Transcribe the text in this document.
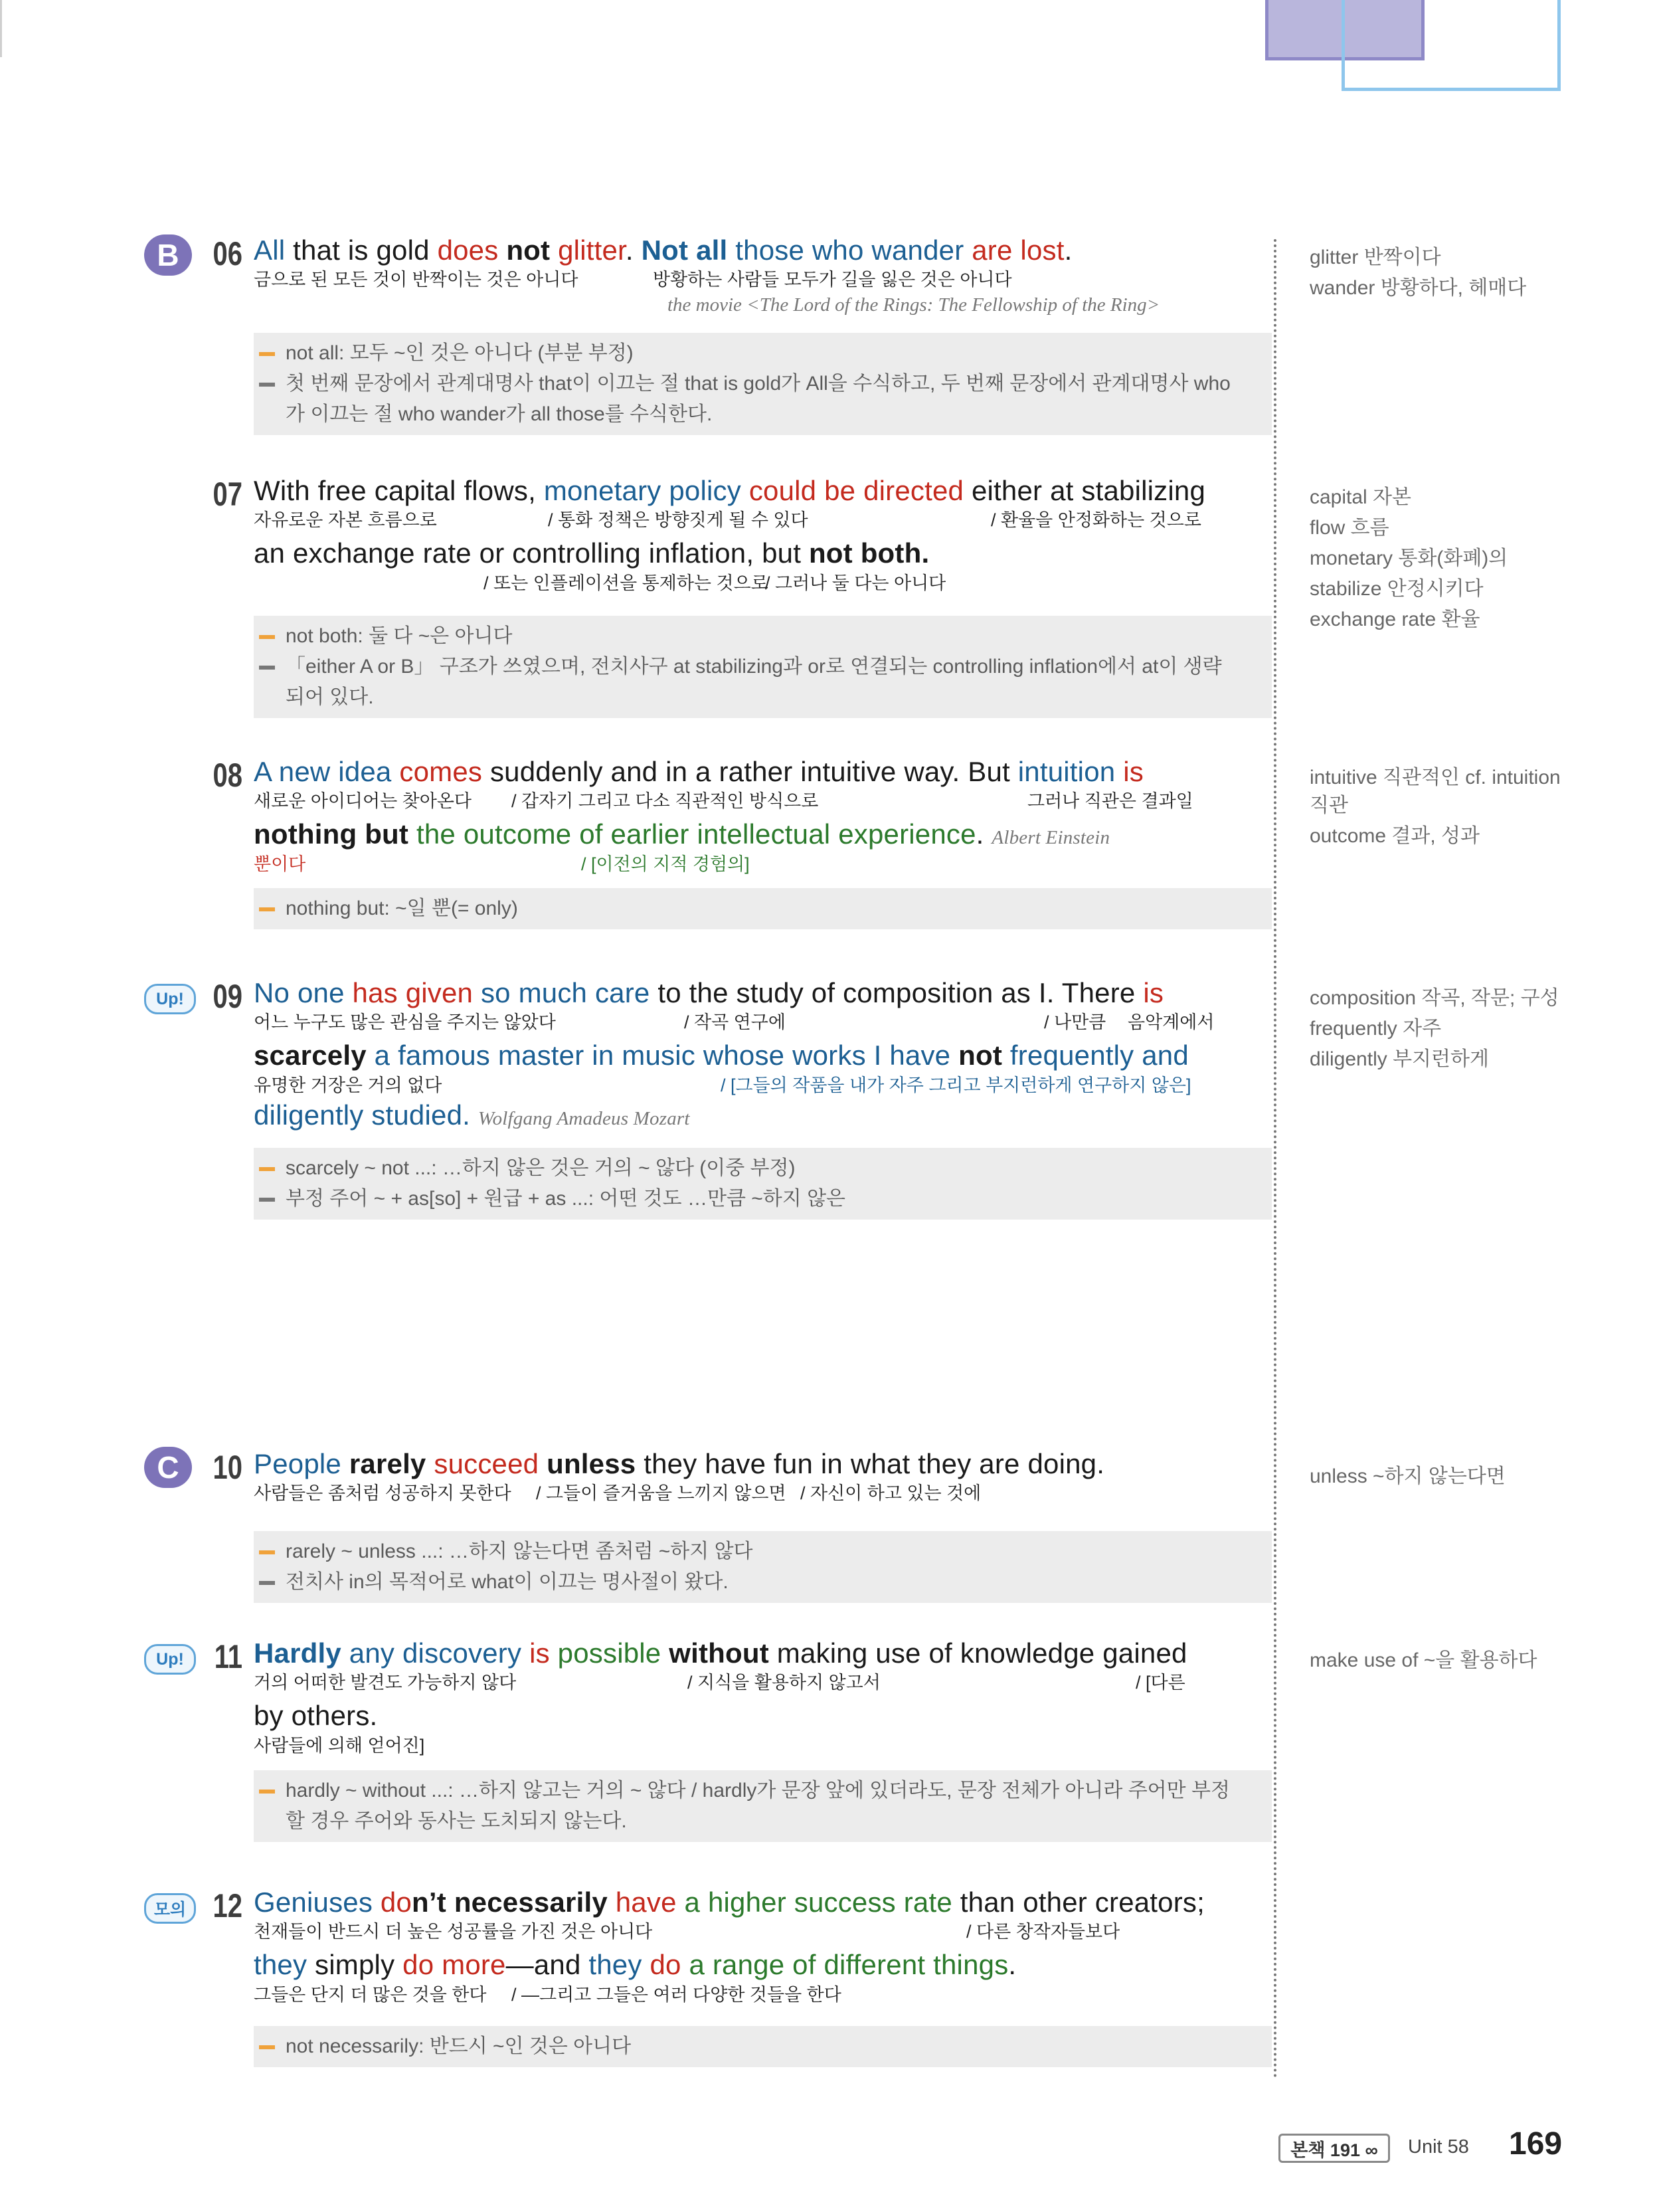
B	06 All that is gold does not glitter. Not all those who wander are lost.
금으로 된 모든 것이 반짝이는 것은 아니다	방황하는 사람들 모두가 길을 잃은 것은 아니다
the movie <The Lord of the Rings: The Fellowship of the Ring>
not all: 모두 ~인 것은 아니다 (부분 부정)
첫 번째 문장에서 관계대명사 that이 이끄는 절 that is gold가 All을 수식하고, 두 번째 문장에서 관계대명사 who
가 이끄는 절 who wander가 all those를 수식한다.
07 With free capital flows, monetary policy could be directed either at stabilizing
자유로운 자본 흐름으로	/ 통화 정책은 방향짓게 될 수 있다	/ 환율을 안정화하는 것으로
an exchange rate or controlling inflation, but not both.
/ 또는 인플레이션을 통제하는 것으로
/ 그러나 둘 다는 아니다
not both: 둘 다 ~은 아니다
「either A or B」 구조가 쓰였으며, 전치사구 at stabilizing과 or로 연결되는 controlling inflation에서 at이 생략
되어 있다.
08 A new idea comes suddenly and in a rather intuitive way. But intuition is
새로운 아이디어는 찾아온다 / 갑자기 그리고 다소 직관적인 방식으로	그러나 직관은 결과일
nothing but the outcome of earlier intellectual experience. Albert Einstein
뿐이다	/ [이전의 지적 경험의]
nothing but: ~일 뿐(= only)
Up! 09 No one has given so much care to the study of composition as I. There is
어느 누구도 많은 관심을 주지는 않았다	/ 작곡 연구에	/ 나만큼 음악계에서
scarcely a famous master in music whose works I have not frequently and
유명한 거장은 거의 없다	/ [그들의 작품을 내가 자주 그리고 부지런하게 연구하지 않은]
diligently studied. Wolfgang Amadeus Mozart
scarcely ~ not ...: …하지 않은 것은 거의 ~ 않다 (이중 부정)
부정 주어 ~ + as[so] + 원급 + as ...: 어떤 것도 …만큼 ~하지 않은
C	10 People rarely succeed unless they have fun in what they are doing.
사람들은 좀처럼 성공하지 못한다 / 그들이 즐거움을 느끼지 않으면 / 자신이 하고 있는 것에
rarely ~ unless ...: …하지 않는다면 좀처럼 ~하지 않다
전치사 in의 목적어로 what이 이끄는 명사절이 왔다.
Up! 11 Hardly any discovery is possible without making use of knowledge gained
거의 어떠한 발견도 가능하지 않다	/ 지식을 활용하지 않고서	/ [다른
by others.
사람들에 의해 얻어진]
hardly ~ without ...: …하지 않고는 거의 ~ 않다 / hardly가 문장 앞에 있더라도, 문장 전체가 아니라 주어만 부정
할 경우 주어와 동사는 도치되지 않는다.
모의 12 Geniuses don’t necessarily have a higher success rate than other creators;
천재들이 반드시 더 높은 성공률을 가진 것은 아니다	/ 다른 창작자들보다
they simply do more—and they do a range of different things.
그들은 단지 더 많은 것을 한다 / —그리고 그들은 여러 다양한 것들을 한다
not necessarily: 반드시 ~인 것은 아니다
glitter 반짝이다
wander 방황하다, 헤매다
capital 자본
flow 흐름
monetary 통화(화폐)의
stabilize 안정시키다
exchange rate 환율
intuitive 직관적인 cf. intuition
직관
outcome 결과, 성과
composition 작곡, 작문; 구성
frequently 자주
diligently 부지런하게
unless ~하지 않는다면
make use of ~을 활용하다
본책 191 ∞	Unit 58 169
